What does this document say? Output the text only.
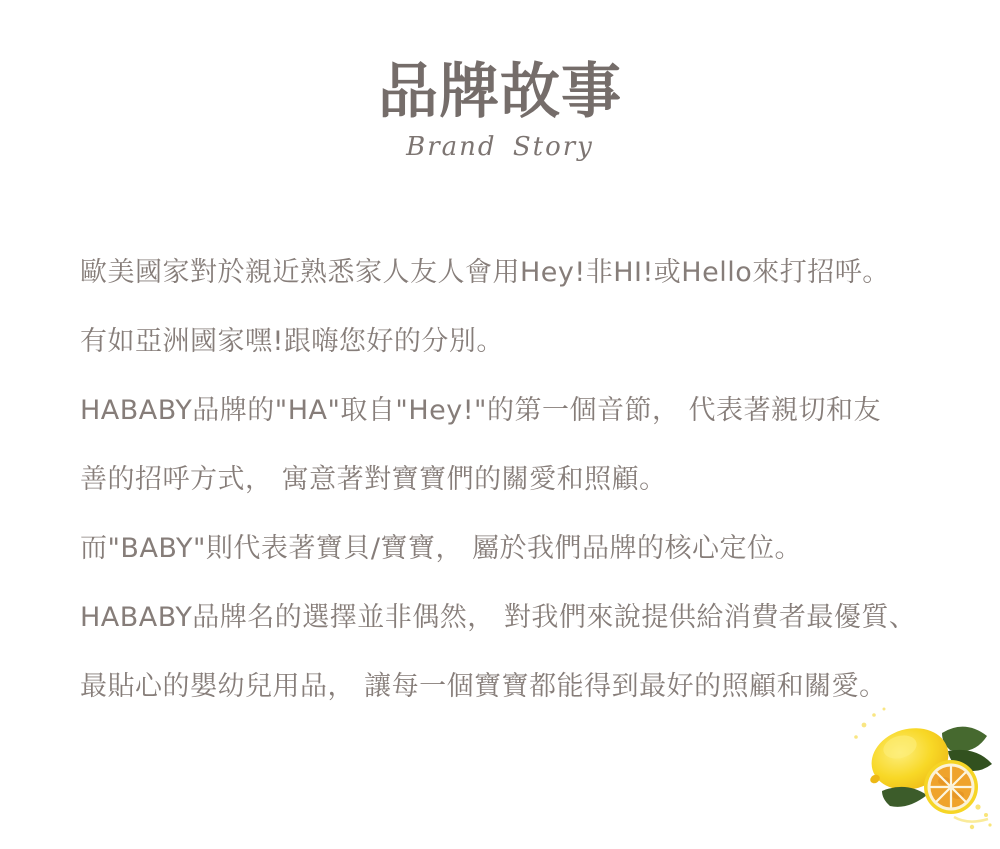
品牌故事
Brand Story

歐美國家對於親近熟悉家人友人會用Hey!非HI!或Hello來打招呼。

有如亞洲國家嘿!跟嗨您好的分別。

HABABY品牌的"HA"取自"Hey!"的第一個音節， 代表著親切和友

善的招呼方式， 寓意著對寶寶們的關愛和照顧。

而"BABY"則代表著寶貝/寶寶， 屬於我們品牌的核心定位。

HABABY品牌名的選擇並非偶然， 對我們來說提供給消費者最優質、

最貼心的嬰幼兒用品， 讓每一個寶寶都能得到最好的照顧和關愛。
